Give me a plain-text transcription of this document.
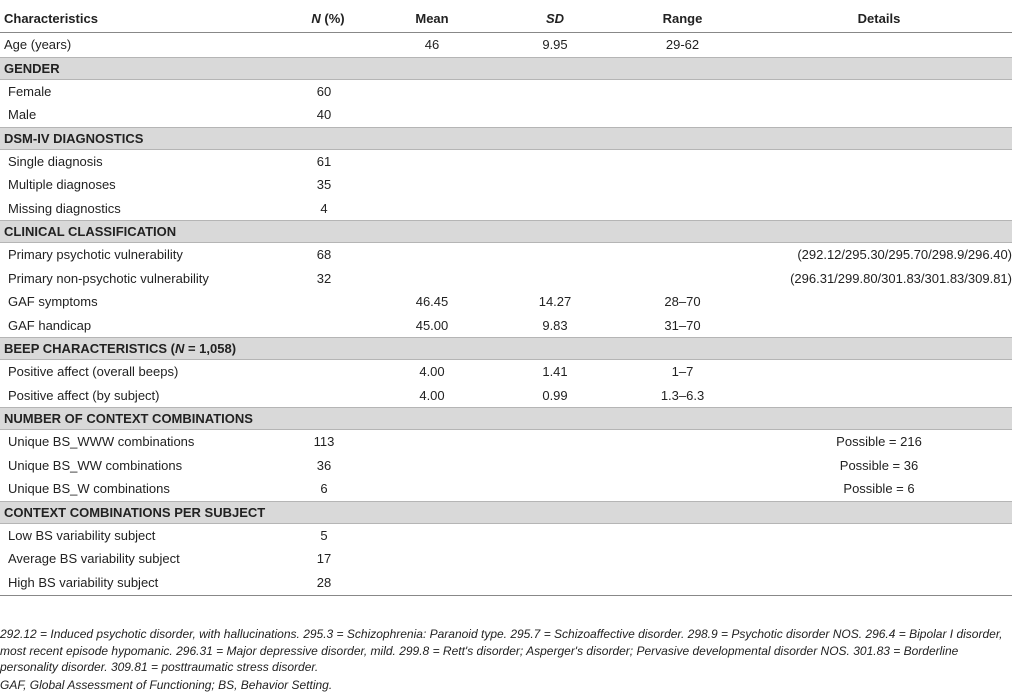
Characteristics	N (%)	Mean	SD	Range	Details
Age (years)		46	9.95	29-62	
GENDER					
Female	60				
Male	40				
DSM-IV DIAGNOSTICS					
Single diagnosis	61				
Multiple diagnoses	35				
Missing diagnostics	4				
CLINICAL CLASSIFICATION					
Primary psychotic vulnerability	68				(292.12/295.30/295.70/298.9/296.40)
Primary non-psychotic vulnerability	32				(296.31/299.80/301.83/301.83/309.81)
GAF symptoms		46.45	14.27	28–70	
GAF handicap		45.00	9.83	31–70	
BEEP CHARACTERISTICS (N = 1,058)					
Positive affect (overall beeps)		4.00	1.41	1–7	
Positive affect (by subject)		4.00	0.99	1.3–6.3	
NUMBER OF CONTEXT COMBINATIONS					
Unique BS_WWW combinations	113				Possible = 216
Unique BS_WW combinations	36				Possible = 36
Unique BS_W combinations	6				Possible = 6
CONTEXT COMBINATIONS PER SUBJECT					
Low BS variability subject	5				
Average BS variability subject	17				
High BS variability subject	28				

292.12 = Induced psychotic disorder, with hallucinations. 295.3 = Schizophrenia: Paranoid type. 295.7 = Schizoaffective disorder. 298.9 = Psychotic disorder NOS. 296.4 = Bipolar I disorder, most recent episode hypomanic. 296.31 = Major depressive disorder, mild. 299.8 = Rett's disorder; Asperger's disorder; Pervasive developmental disorder NOS. 301.83 = Borderline personality disorder. 309.81 = posttraumatic stress disorder.

GAF, Global Assessment of Functioning; BS, Behavior Setting.
